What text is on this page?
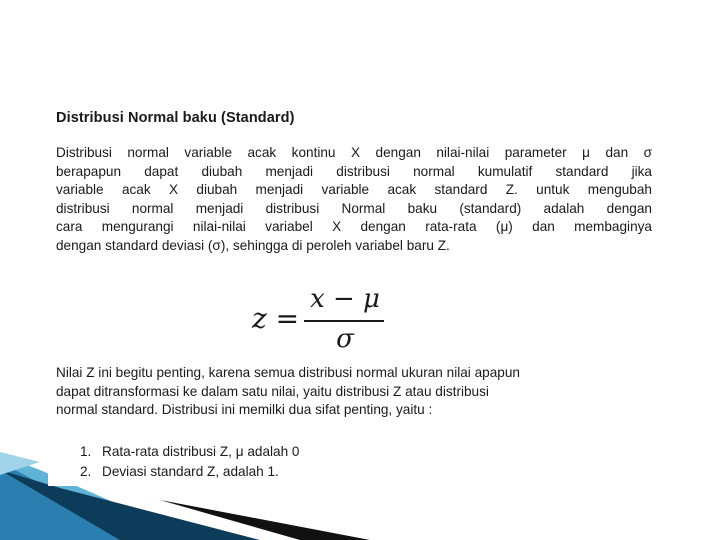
Distribusi Normal baku (Standard)

Distribusi normal variable acak kontinu X dengan nilai-nilai parameter μ dan σ
berapapun dapat diubah menjadi distribusi normal kumulatif standard jika
variable acak X diubah menjadi variable acak standard Z. untuk mengubah
distribusi normal menjadi distribusi Normal baku (standard) adalah dengan
cara mengurangi nilai-nilai variabel X dengan rata-rata (μ) dan membaginya
dengan standard deviasi (σ), sehingga di peroleh variabel baru Z.

z =
x − μ
σ

Nilai Z ini begitu penting, karena semua distribusi normal ukuran nilai apapun
dapat ditransformasi ke dalam satu nilai, yaitu distribusi Z atau distribusi
normal standard. Distribusi ini memilki dua sifat penting, yaitu :

1. Rata-rata distribusi Z, μ adalah 0
2. Deviasi standard Z, adalah 1.
